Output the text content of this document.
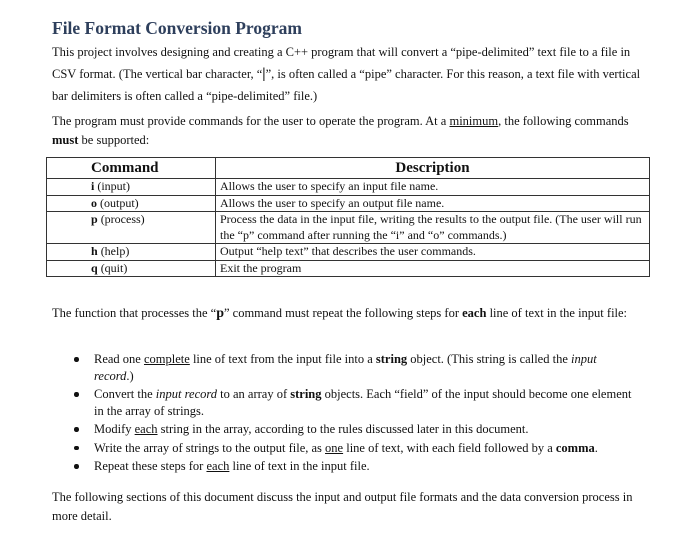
File Format Conversion Program

This project involves designing and creating a C++ program that will convert a “pipe-delimited” text file to a file in CSV format. (The vertical bar character, “|”, is often called a “pipe” character. For this reason, a text file with vertical bar delimiters is often called a “pipe-delimited” file.)

The program must provide commands for the user to operate the program. At a minimum, the following commands must be supported:

Command	Description
i (input)	Allows the user to specify an input file name.
o (output)	Allows the user to specify an output file name.
p (process)	Process the data in the input file, writing the results to the output file. (The user will run the “p” command after running the “i” and “o” commands.)
h (help)	Output “help text” that describes the user commands.
q (quit)	Exit the program

The function that processes the “p” command must repeat the following steps for each line of text in the input file:

Read one complete line of text from the input file into a string object. (This string is called the input record.)
Convert the input record to an array of string objects. Each “field” of the input should become one element in the array of strings.
Modify each string in the array, according to the rules discussed later in this document.
Write the array of strings to the output file, as one line of text, with each field followed by a comma.
Repeat these steps for each line of text in the input file.

The following sections of this document discuss the input and output file formats and the data conversion process in more detail.
